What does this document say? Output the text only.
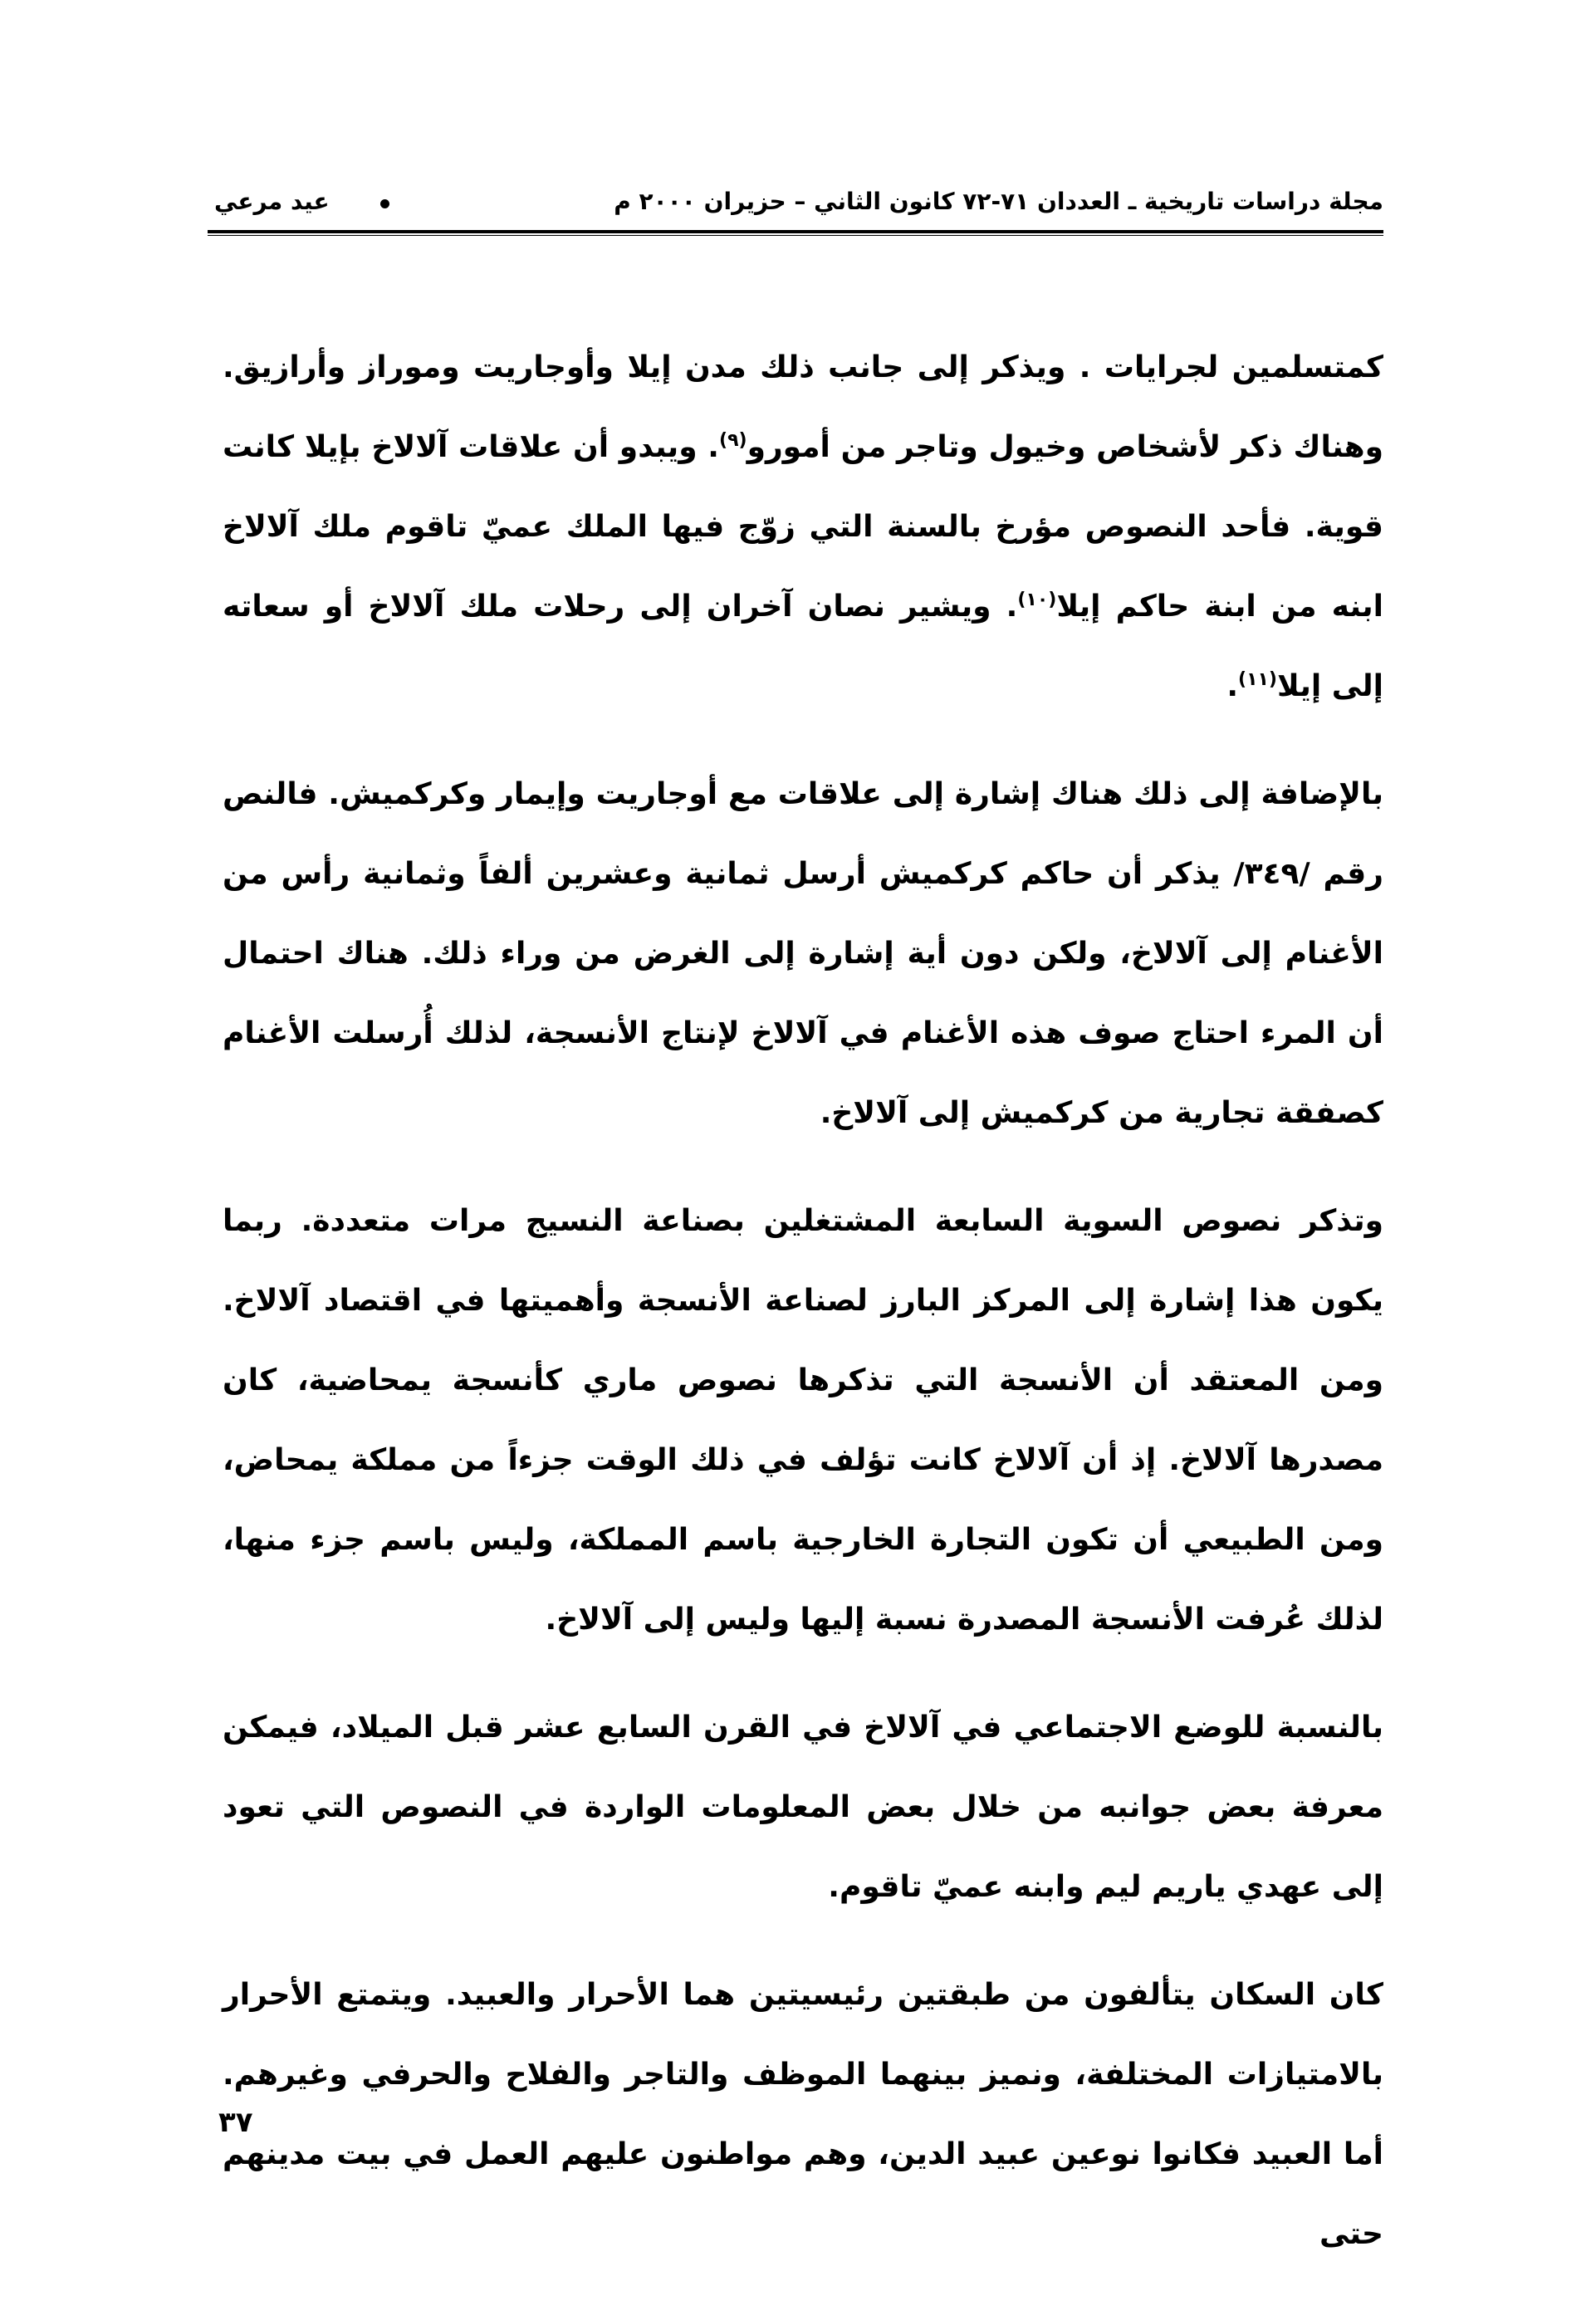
مجلة دراسات تاريخية ـ العددان ٧١-٧٢ كانون الثاني – حزيران ٢٠٠٠ م
عيد مرعي

كمتسلمين لجرايات . ويذكر إلى جانب ذلك مدن إيلا وأوجاريت وموراز وأرازيق. وهناك ذكر لأشخاص وخيول وتاجر من أمورو$^{(٩)}$. ويبدو أن علاقات آلالاخ بإيلا كانت قوية. فأحد النصوص مؤرخ بالسنة التي زوّج فيها الملك عميّ تاقوم ملك آلالاخ ابنه من ابنة حاكم إيلا$^{(١٠)}$. ويشير نصان آخران إلى رحلات ملك آلالاخ أو سعاته إلى إيلا$^{(١١)}$.

بالإضافة إلى ذلك هناك إشارة إلى علاقات مع أوجاريت وإيمار وكركميش. فالنص رقم /٣٤٩/ يذكر أن حاكم كركميش أرسل ثمانية وعشرين ألفاً وثمانية رأس من الأغنام إلى آلالاخ، ولكن دون أية إشارة إلى الغرض من وراء ذلك. هناك احتمال أن المرء احتاج صوف هذه الأغنام في آلالاخ لإنتاج الأنسجة، لذلك أُرسلت الأغنام كصفقة تجارية من كركميش إلى آلالاخ.

وتذكر نصوص السوية السابعة المشتغلين بصناعة النسيج مرات متعددة. ربما يكون هذا إشارة إلى المركز البارز لصناعة الأنسجة وأهميتها في اقتصاد آلالاخ. ومن المعتقد أن الأنسجة التي تذكرها نصوص ماري كأنسجة يمحاضية، كان مصدرها آلالاخ. إذ أن آلالاخ كانت تؤلف في ذلك الوقت جزءاً من مملكة يمحاض، ومن الطبيعي أن تكون التجارة الخارجية باسم المملكة، وليس باسم جزء منها، لذلك عُرفت الأنسجة المصدرة نسبة إليها وليس إلى آلالاخ.

بالنسبة للوضع الاجتماعي في آلالاخ في القرن السابع عشر قبل الميلاد، فيمكن معرفة بعض جوانبه من خلال بعض المعلومات الواردة في النصوص التي تعود إلى عهدي ياريم ليم وابنه عميّ تاقوم.

كان السكان يتألفون من طبقتين رئيسيتين هما الأحرار والعبيد. ويتمتع الأحرار بالامتيازات المختلفة، ونميز بينهما الموظف والتاجر والفلاح والحرفي وغيرهم. أما العبيد فكانوا نوعين عبيد الدين، وهم مواطنون عليهم العمل في بيت مدينهم حتى

٣٧
